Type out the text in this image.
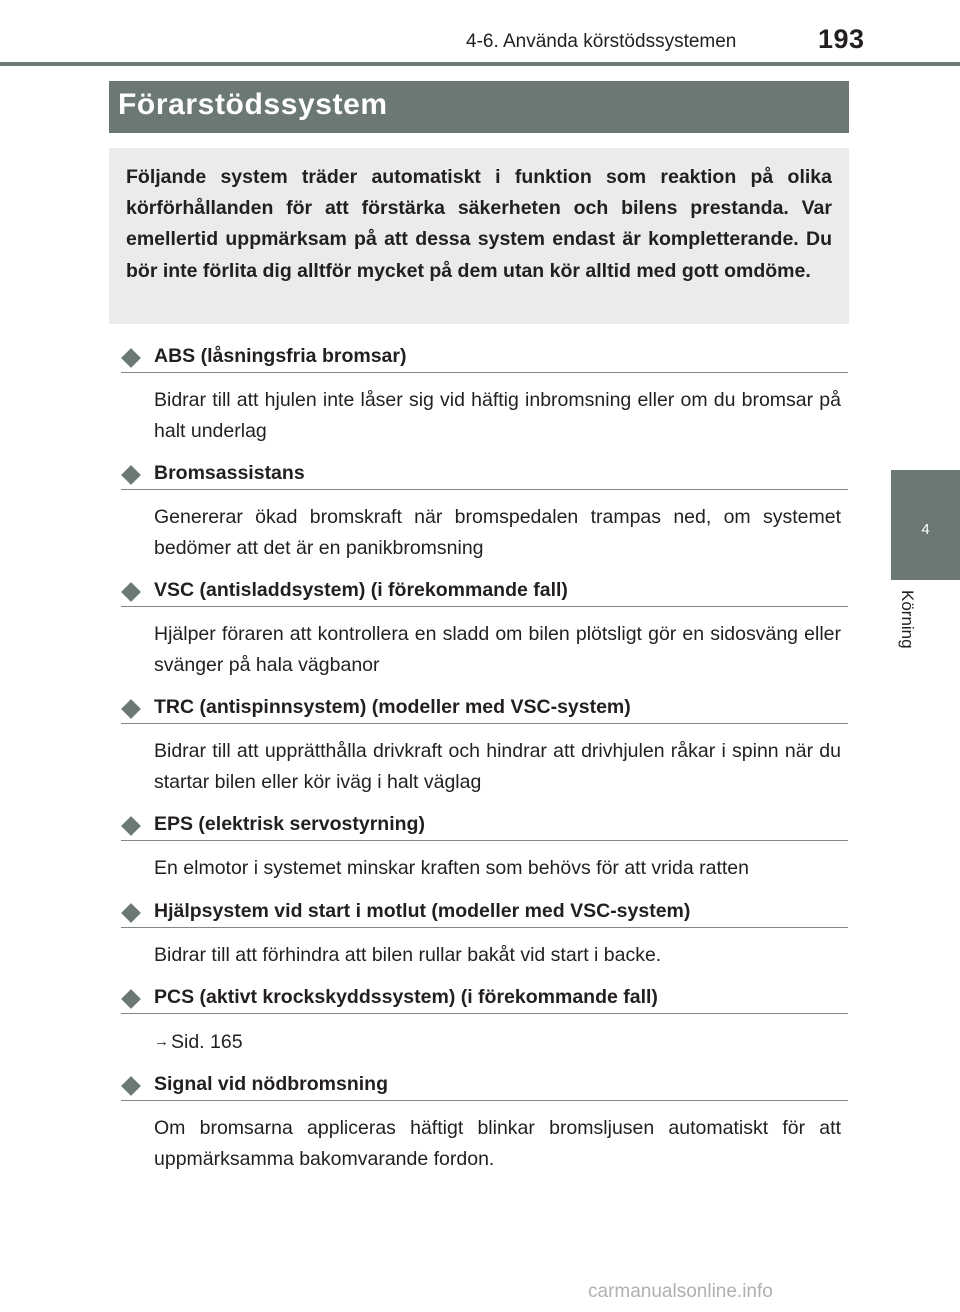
4-6. Använda körstödssystemen	193
Förarstödssystem

Följande system träder automatiskt i funktion som reaktion på olika körförhållanden för att förstärka säkerheten och bilens prestanda. Var emellertid uppmärksam på att dessa system endast är kompletterande. Du bör inte förlita dig alltför mycket på dem utan kör alltid med gott omdöme.

ABS (låsningsfria bromsar)

Bidrar till att hjulen inte låser sig vid häftig inbromsning eller om du bromsar på halt underlag

Bromsassistans

Genererar ökad bromskraft när bromspedalen trampas ned, om systemet bedömer att det är en panikbromsning

VSC (antisladdsystem) (i förekommande fall)

Hjälper föraren att kontrollera en sladd om bilen plötsligt gör en sidosväng eller svänger på hala vägbanor

TRC (antispinnsystem) (modeller med VSC-system)

Bidrar till att upprätthålla drivkraft och hindrar att drivhjulen råkar i spinn när du startar bilen eller kör iväg i halt väglag

EPS (elektrisk servostyrning)

En elmotor i systemet minskar kraften som behövs för att vrida ratten

Hjälpsystem vid start i motlut (modeller med VSC-system)

Bidrar till att förhindra att bilen rullar bakåt vid start i backe.

PCS (aktivt krockskyddssystem) (i förekommande fall)

→ Sid. 165

Signal vid nödbromsning

Om bromsarna appliceras häftigt blinkar bromsljusen automatiskt för att uppmärksamma bakomvarande fordon.

4
Körning
carmanualsonline.info
